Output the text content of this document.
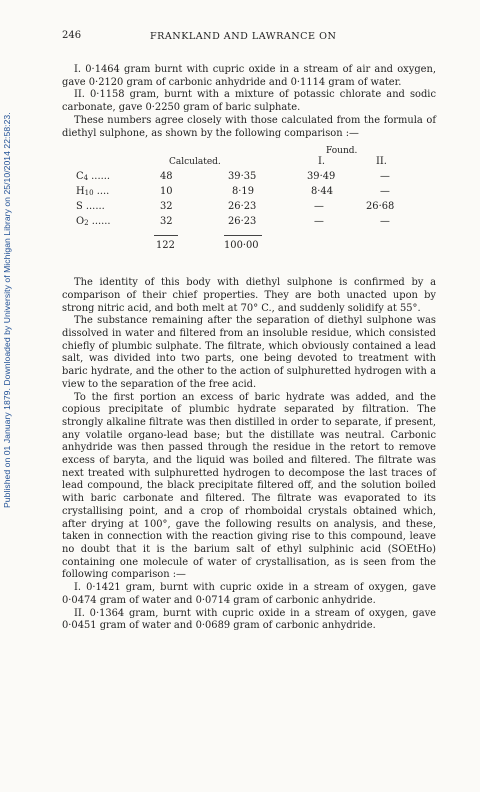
Published on 01 January 1879. Downloaded by University of Michigan Library on 25/10/2014 22:58:23.
246	FRANKLAND AND LAWRANCE ON

I. 0·1464 gram burnt with cupric oxide in a stream of air and oxygen, gave 0·2120 gram of carbonic anhydride and 0·1114 gram of water.

II. 0·1158 gram, burnt with a mixture of potassic chlorate and sodic carbonate, gave 0·2250 gram of baric sulphate.

These numbers agree closely with those calculated from the formula of diethyl sulphone, as shown by the following comparison :—

Found.
Calculated.	I.	II.
$C_4$ ......	48	39·35	39·49	—
$H_{10}$ ....	10	8·19	8·44	—
S ......	32	26·23	—	26·68
$O_2$ ......	32	26·23	—	—
122	100·00

The identity of this body with diethyl sulphone is confirmed by a comparison of their chief properties. They are both unacted upon by strong nitric acid, and both melt at 70° C., and suddenly solidify at 55°.

The substance remaining after the separation of diethyl sulphone was dissolved in water and filtered from an insoluble residue, which consisted chiefly of plumbic sulphate. The filtrate, which obviously contained a lead salt, was divided into two parts, one being devoted to treatment with baric hydrate, and the other to the action of sulphuretted hydrogen with a view to the separation of the free acid.

To the first portion an excess of baric hydrate was added, and the copious precipitate of plumbic hydrate separated by filtration. The strongly alkaline filtrate was then distilled in order to separate, if present, any volatile organo-lead base; but the distillate was neutral. Carbonic anhydride was then passed through the residue in the retort to remove excess of baryta, and the liquid was boiled and filtered. The filtrate was next treated with sulphuretted hydrogen to decompose the last traces of lead compound, the black precipitate filtered off, and the solution boiled with baric carbonate and filtered. The filtrate was evaporated to its crystallising point, and a crop of rhomboidal crystals obtained which, after drying at 100°, gave the following results on analysis, and these, taken in connection with the reaction giving rise to this compound, leave no doubt that it is the barium salt of ethyl sulphinic acid (SOEtHo) containing one molecule of water of crystallisation, as is seen from the following comparison :—

I. 0·1421 gram, burnt with cupric oxide in a stream of oxygen, gave 0·0474 gram of water and 0·0714 gram of carbonic anhydride.

II. 0·1364 gram, burnt with cupric oxide in a stream of oxygen, gave 0·0451 gram of water and 0·0689 gram of carbonic anhydride.
